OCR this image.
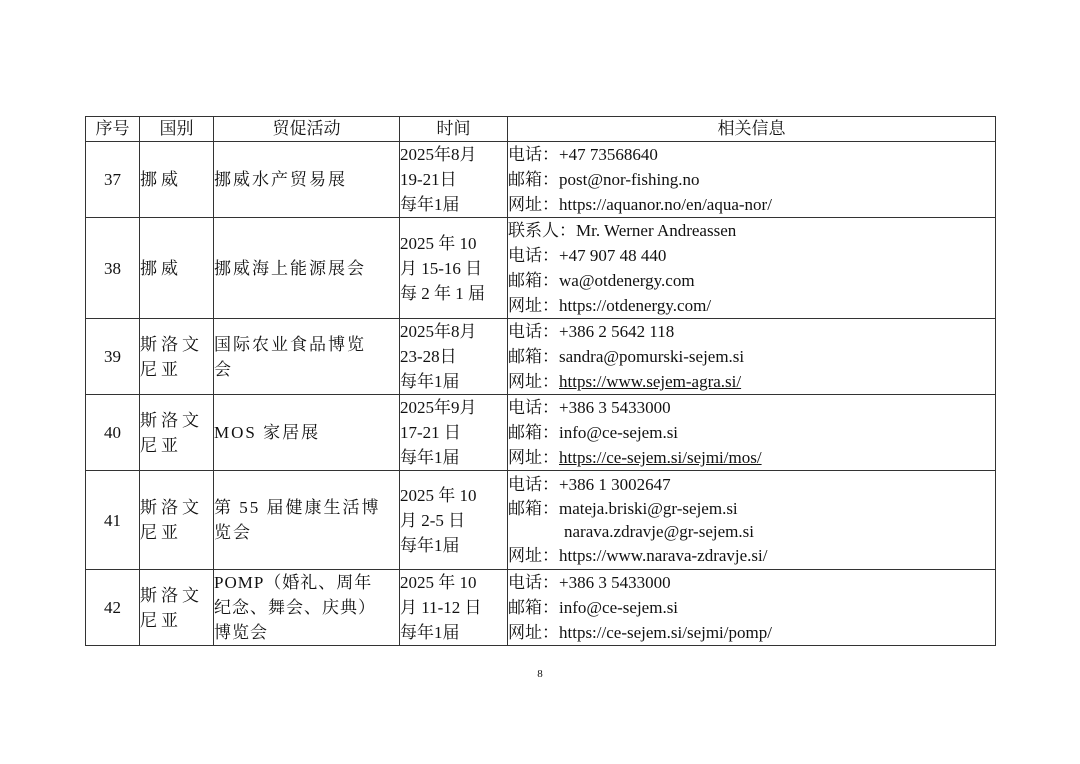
序号	国别	贸促活动	时间	相关信息
37	挪威	挪威水产贸易展	2025年8月
19-21日
每年1届	电话：+47 73568640
邮箱：post@nor-fishing.no
网址：https://aquanor.no/en/aqua-nor/

38	挪威	挪威海上能源展会	2025 年 10
月 15-16 日
每 2 年 1 届	联系人：Mr. Werner Andreassen
电话：+47 907 48 440
邮箱：wa@otdenergy.com
网址：https://otdenergy.com/

39	斯洛文
尼亚	国际农业食品博览
会	2025年8月
23-28日
每年1届	电话：+386 2 5642 118
邮箱：sandra@pomurski-sejem.si
网址：https://www.sejem-agra.si/

40	斯洛文
尼亚	MOS 家居展	2025年9月
17-21 日
每年1届	电话：+386 3 5433000
邮箱：info@ce-sejem.si
网址：https://ce-sejem.si/sejmi/mos/

41	斯洛文
尼亚	第 55 届健康生活博
览会	2025 年 10
月 2-5 日
每年1届	电话：+386 1 3002647
邮箱：mateja.briski@gr-sejem.si
narava.zdravje@gr-sejem.si
网址：https://www.narava-zdravje.si/

42	斯洛文
尼亚	POMP（婚礼、周年
纪念、舞会、庆典）
博览会	2025 年 10
月 11-12 日
每年1届	电话：+386 3 5433000
邮箱：info@ce-sejem.si
网址：https://ce-sejem.si/sejmi/pomp/
8
